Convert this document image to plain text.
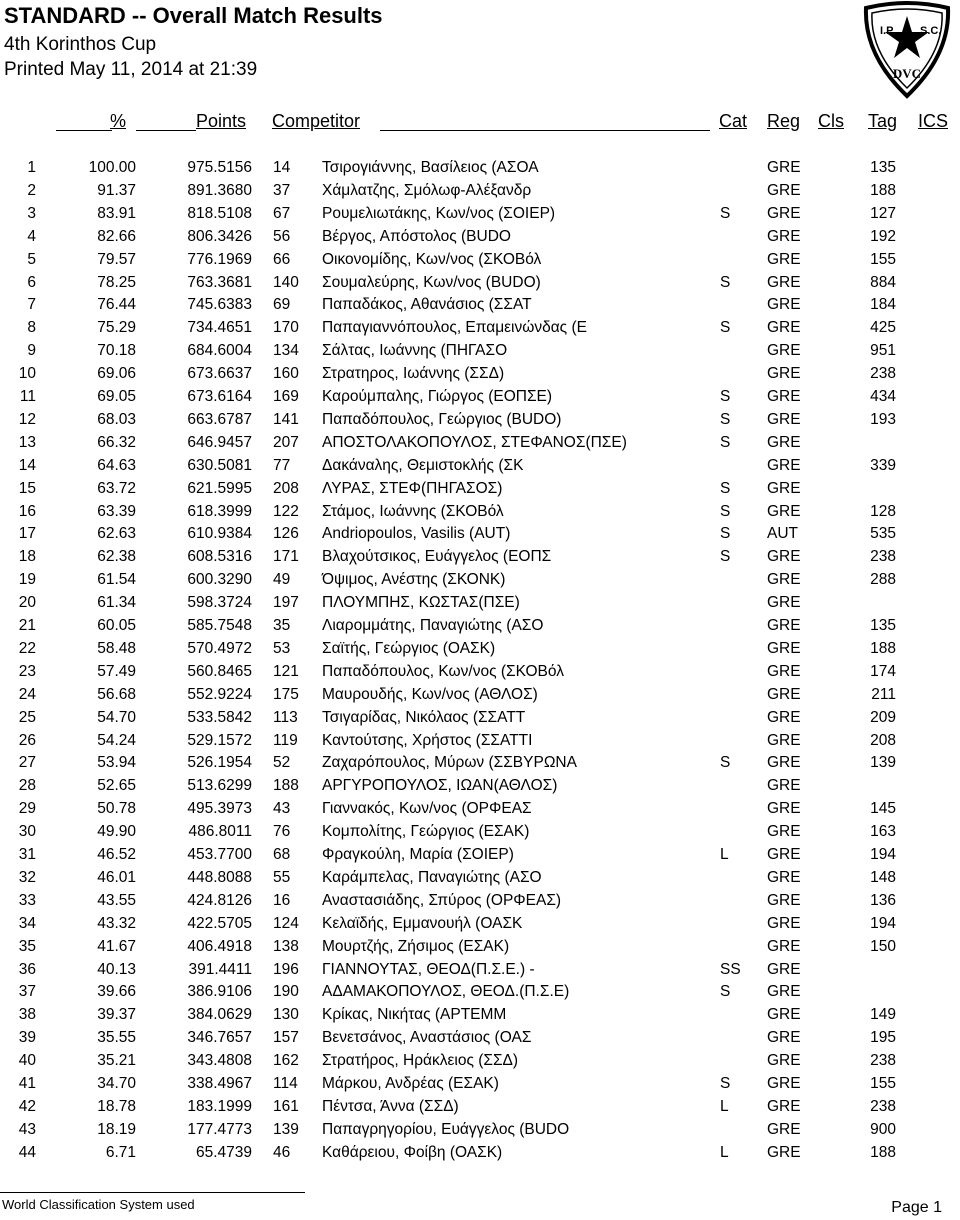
STANDARD -- Overall Match Results
4th Korinthos Cup
Printed May 11, 2014 at 21:39
I.P. S.C.
DVC
%	Points Competitor	Cat Reg Cls Tag ICS
1	100.00	975.5156 14 Τσιρογιάννης, Βασίλειος (ΑΣΟΑ	GRE	135
2	91.37	891.3680 37 Χάμλατζης, Σμόλωφ-Αλέξανδρ	GRE	188
3	83.91	818.5108 67 Ρουμελιωτάκης, Κων/νος (ΣΟΙΕΡ)	S GRE	127
4	82.66	806.3426 56 Βέργος, Απόστολος (BUDO	GRE	192
5	79.57	776.1969 66 Οικονομίδης, Κων/νος (ΣΚΟΒόλ	GRE	155
6	78.25	763.3681 140 Σουμαλεύρης, Κων/νος (BUDO)	S GRE	884
7	76.44	745.6383 69 Παπαδάκος, Αθανάσιος (ΣΣΑΤ	GRE	184
8	75.29	734.4651 170 Παπαγιαννόπουλος, Επαμεινώνδας (Ε	S GRE	425
9	70.18	684.6004 134 Σάλτας, Ιωάννης (ΠΗΓΑΣΟ	GRE	951
10	69.06	673.6637 160 Στρατηρος, Ιωάννης (ΣΣΔ)	GRE	238
11	69.05	673.6164 169 Καρούμπαλης, Γιώργος (ΕΟΠΣΕ)	S GRE	434
12	68.03	663.6787 141 Παπαδόπουλος, Γεώργιος (BUDO)	S GRE	193
13	66.32	646.9457 207 ΑΠΟΣΤΟΛΑΚΟΠΟΥΛΟΣ, ΣΤΕΦΑΝΟΣ(ΠΣΕ)	S GRE
14	64.63	630.5081 77 Δακάναλης, Θεμιστοκλής (ΣΚ	GRE	339
15	63.72	621.5995 208 ΛΥΡΑΣ, ΣΤΕΦ(ΠΗΓΑΣΟΣ)	S GRE
16	63.39	618.3999 122 Στάμος, Ιωάννης (ΣΚΟΒόλ	S GRE	128
17	62.63	610.9384 126 Andriopoulos, Vasilis (AUT)	S AUT	535
18	62.38	608.5316 171 Βλαχούτσικος, Ευάγγελος (ΕΟΠΣ	S GRE	238
19	61.54	600.3290 49 Όψιμος, Ανέστης (ΣΚΟΝΚ)	GRE	288
20	61.34	598.3724 197 ΠΛΟΥΜΠΗΣ, ΚΩΣΤΑΣ(ΠΣΕ)	GRE
21	60.05	585.7548 35 Λιαρομμάτης, Παναγιώτης (ΑΣΟ	GRE	135
22	58.48	570.4972 53 Σαϊτής, Γεώργιος (ΟΑΣΚ)	GRE	188
23	57.49	560.8465 121 Παπαδόπουλος, Κων/νος (ΣΚΟΒόλ	GRE	174
24	56.68	552.9224 175 Μαυρουδής, Κων/νος (ΑΘΛΟΣ)	GRE	211
25	54.70	533.5842 113 Τσιγαρίδας, Νικόλαος (ΣΣΑΤΤ	GRE	209
26	54.24	529.1572 119 Καντούτσης, Χρήστος (ΣΣΑΤΤΙ	GRE	208
27	53.94	526.1954 52 Ζαχαρόπουλος, Μύρων (ΣΣΒΥΡΩΝΑ	S GRE	139
28	52.65	513.6299 188 ΑΡΓΥΡΟΠΟΥΛΟΣ, ΙΩΑΝ(ΑΘΛΟΣ)	GRE
29	50.78	495.3973 43 Γιαννακός, Κων/νος (ΟΡΦΕΑΣ	GRE	145
30	49.90	486.8011 76 Κομπολίτης, Γεώργιος (ΕΣΑΚ)	GRE	163
31	46.52	453.7700 68 Φραγκούλη, Μαρία (ΣΟΙΕΡ)	L GRE	194
32	46.01	448.8088 55 Καράμπελας, Παναγιώτης (ΑΣΟ	GRE	148
33	43.55	424.8126 16 Αναστασιάδης, Σπύρος (ΟΡΦΕΑΣ)	GRE	136
34	43.32	422.5705 124 Κελαϊδής, Εμμανουήλ (ΟΑΣΚ	GRE	194
35	41.67	406.4918 138 Μουρτζής, Ζήσιμος (ΕΣΑΚ)	GRE	150
36	40.13	391.4411 196 ΓΙΑΝΝΟΥΤΑΣ, ΘΕΟΔ(Π.Σ.Ε.) -	SS GRE
37	39.66	386.9106 190 ΑΔΑΜΑΚΟΠΟΥΛΟΣ, ΘΕΟΔ.(Π.Σ.Ε)	S GRE
38	39.37	384.0629 130 Κρίκας, Νικήτας (ΑΡΤΕΜΜ	GRE	149
39	35.55	346.7657 157 Βενετσάνος, Αναστάσιος (ΟΑΣ	GRE	195
40	35.21	343.4808 162 Στρατήρος, Ηράκλειος (ΣΣΔ)	GRE	238
41	34.70	338.4967 114 Μάρκου, Ανδρέας (ΕΣΑΚ)	S GRE	155
42	18.78	183.1999 161 Πέντσα, Άννα (ΣΣΔ)	L GRE	238
43	18.19	177.4773 139 Παπαγρηγορίου, Ευάγγελος (BUDO	GRE	900
44	6.71	65.4739 46 Καθάρειου, Φοίβη (ΟΑΣΚ)	L GRE	188
World Classification System used	Page 1
